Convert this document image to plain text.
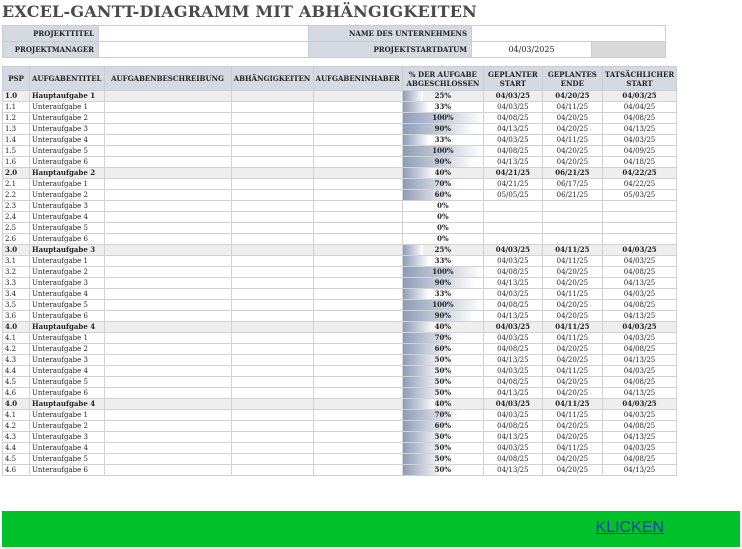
EXCEL-GANTT-DIAGRAMM MIT ABHÄNGIGKEITEN
PROJEKTTITEL		NAME DES UNTERNEHMENS		
PROJEKTMANAGER		PROJEKTSTARTDATUM	04/03/2025	
PSP	AUFGABENTITEL	AUFGABENBESCHREIBUNG	ABHÄNGIGKEITEN	AUFGABENINHABER	% DER AUFGABE ABGESCHLOSSEN	GEPLANTER START	GEPLANTES ENDE	TATSÄCHLICHER START
1.0	Hauptaufgabe 1				25%	04/03/25	04/20/25	04/03/25
1.1	Unteraufgabe 1				33%	04/03/25	04/11/25	04/04/25
1.2	Unteraufgabe 2				100%	04/08/25	04/20/25	04/08/25
1.3	Unteraufgabe 3				90%	04/13/25	04/20/25	04/13/25
1.4	Unteraufgabe 4				33%	04/03/25	04/11/25	04/03/25
1.5	Unteraufgabe 5				100%	04/08/25	04/20/25	04/09/25
1.6	Unteraufgabe 6				90%	04/13/25	04/20/25	04/18/25
2.0	Hauptaufgabe 2				40%	04/21/25	06/21/25	04/22/25
2.1	Unteraufgabe 1				70%	04/21/25	06/17/25	04/22/25
2.2	Unteraufgabe 2				60%	05/05/25	06/21/25	05/03/25
2.3	Unteraufgabe 3				0%			
2.4	Unteraufgabe 4				0%			
2.5	Unteraufgabe 5				0%			
2.6	Unteraufgabe 6				0%			
3.0	Hauptaufgabe 3				25%	04/03/25	04/11/25	04/03/25
3.1	Unteraufgabe 1				33%	04/03/25	04/11/25	04/03/25
3.2	Unteraufgabe 2				100%	04/08/25	04/20/25	04/08/25
3.3	Unteraufgabe 3				90%	04/13/25	04/20/25	04/13/25
3.4	Unteraufgabe 4				33%	04/03/25	04/11/25	04/03/25
3.5	Unteraufgabe 5				100%	04/08/25	04/20/25	04/08/25
3.6	Unteraufgabe 6				90%	04/13/25	04/20/25	04/13/25
4.0	Hauptaufgabe 4				40%	04/03/25	04/11/25	04/03/25
4.1	Unteraufgabe 1				70%	04/03/25	04/11/25	04/03/25
4.2	Unteraufgabe 2				60%	04/08/25	04/20/25	04/08/25
4.3	Unteraufgabe 3				50%	04/13/25	04/20/25	04/13/25
4.4	Unteraufgabe 4				50%	04/03/25	04/11/25	04/03/25
4.5	Unteraufgabe 5				50%	04/08/25	04/20/25	04/08/25
4.6	Unteraufgabe 6				50%	04/13/25	04/20/25	04/13/25
4.0	Hauptaufgabe 4				40%	04/03/25	04/11/25	04/03/25
4.1	Unteraufgabe 1				70%	04/03/25	04/11/25	04/03/25
4.2	Unteraufgabe 2				60%	04/08/25	04/20/25	04/08/25
4.3	Unteraufgabe 3				50%	04/13/25	04/20/25	04/13/25
4.4	Unteraufgabe 4				50%	04/03/25	04/11/25	04/03/25
4.5	Unteraufgabe 5				50%	04/08/25	04/20/25	04/08/25
4.6	Unteraufgabe 6				50%	04/13/25	04/20/25	04/13/25
KLICKEN
